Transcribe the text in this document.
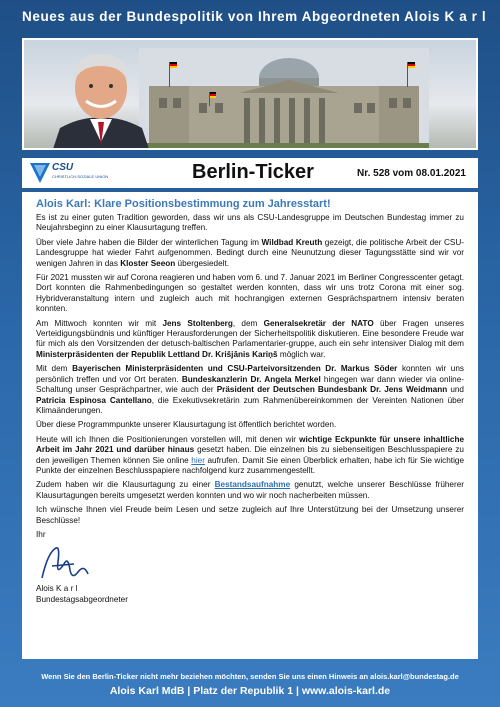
Neues aus der Bundespolitik von Ihrem Abgeordneten Alois K a r l
CSU
CHRISTLICH-SOZIALE UNION	Berlin-Ticker	Nr. 528 vom 08.01.2021
Alois Karl: Klare Positionsbestimmung zum Jahresstart!

Es ist zu einer guten Tradition geworden, dass wir uns als CSU-Landesgruppe im Deutschen Bundestag immer zu Neujahrsbeginn zu einer Klausurtagung treffen.

Über viele Jahre haben die Bilder der winterlichen Tagung im Wildbad Kreuth gezeigt, die politische Arbeit der CSU-Landesgruppe hat wieder Fahrt aufgenommen. Bedingt durch eine Neunutzung dieser Tagungsstätte sind wir vor wenigen Jahren in das Kloster Seeon übergesiedelt.

Für 2021 mussten wir auf Corona reagieren und haben vom 6. und 7. Januar 2021 im Berliner Congresscenter getagt. Dort konnten die Rahmenbedingungen so gestaltet werden konnten, dass wir uns trotz Corona mit einer sog. Hybridveranstaltung intern und zugleich auch mit hochrangigen externen Gesprächspartnern intensiv beraten konnten.

Am Mittwoch konnten wir mit Jens Stoltenberg, dem Generalsekretär der NATO über Fragen unseres Verteidigungsbündnis und künftiger Herausforderungen der Sicherheitspolitik diskutieren. Eine besondere Freude war für mich als den Vorsitzenden der detusch-baltischen Parlamentarier-gruppe, auch ein sehr intensiver Dialog mit dem Ministerpräsidenten der Republik Lettland Dr. Krišjānis Kariņš möglich war.

Mit dem Bayerischen Ministerpräsidenten und CSU-Parteivorsitzenden Dr. Markus Söder konnten wir uns persönlich treffen und vor Ort beraten. Bundeskanzlerin Dr. Angela Merkel hingegen war dann wieder via online-Schaltung unser Gesprächpartner, wie auch der Präsident der Deutschen Bundesbank Dr. Jens Weidmann und Patricia Espinosa Cantellano, die Exekutivsekretärin zum Rahmenübereinkommen der Vereinten Nationen über Klimaänderungen.

Über diese Programmpunkte unserer Klausurtagung ist öffentlich berichtet worden.

Heute will ich Ihnen die Positionierungen vorstellen will, mit denen wir wichtige Eckpunkte für unsere inhaltliche Arbeit im Jahr 2021 und darüber hinaus gesetzt haben. Die einzelnen bis zu siebenseitigen Beschlusspapiere zu den jeweiligen Themen können Sie online hier aufrufen. Damit Sie einen Überblick erhalten, habe ich für Sie wichtige Punkte der einzelnen Beschlusspapiere nachfolgend kurz zusammengestellt.

Zudem haben wir die Klausurtagung zu einer Bestandsaufnahme genutzt, welche unserer Beschlüsse früherer Klausurtagungen bereits umgesetzt werden konnten und wo wir noch nacherbeiten müssen.

Ich wünsche Ihnen viel Freude beim Lesen und setze zugleich auf Ihre Unterstützung bei der Umsetzung unserer Beschlüsse!

Ihr
Alois K a r l
Bundestagsabgeordneter
Wenn Sie den Berlin-Ticker nicht mehr beziehen möchten, senden Sie uns einen Hinweis an alois.karl@bundestag.de
Alois Karl MdB | Platz der Republik 1 | www.alois-karl.de
